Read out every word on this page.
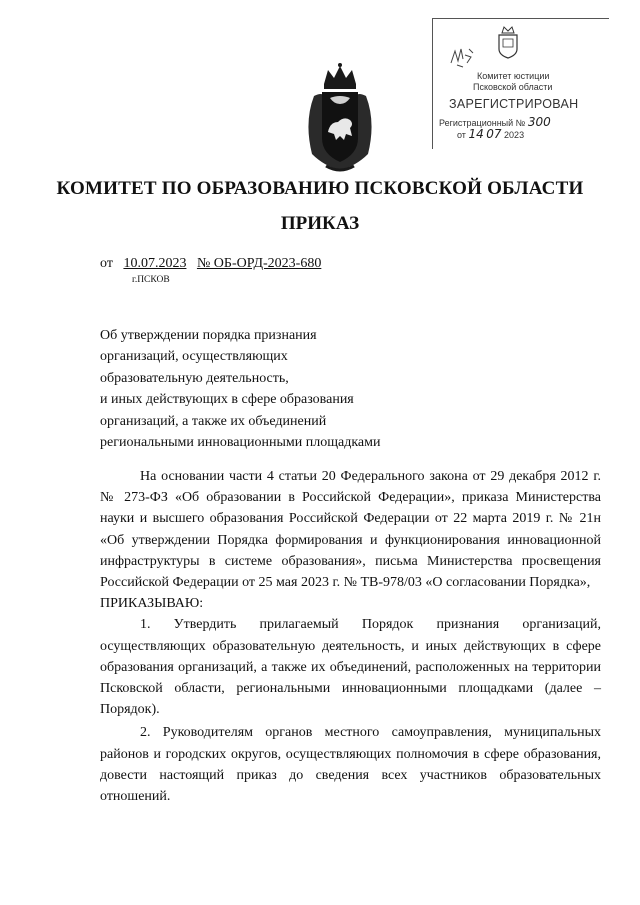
Комитет юстиции
Псковской области
ЗАРЕГИСТРИРОВАН
Регистрационный № 300
от 14 07 2023
КОМИТЕТ ПО ОБРАЗОВАНИЮ ПСКОВСКОЙ ОБЛАСТИ
ПРИКАЗ
от 10.07.2023 № ОБ-ОРД-2023-680
г.ПСКОВ
Об утверждении порядка признания
организаций, осуществляющих
образовательную деятельность,
и иных действующих в сфере образования
организаций, а также их объединений
региональными инновационными площадками

На основании части 4 статьи 20 Федерального закона от 29 декабря 2012 г. № 273-ФЗ «Об образовании в Российской Федерации», приказа Министерства науки и высшего образования Российской Федерации от 22 марта 2019 г. № 21н «Об утверждении Порядка формирования и функционирования инновационной инфраструктуры в системе образования», письма Министерства просвещения Российской Федерации от 25 мая 2023 г. № ТВ-978/03 «О согласовании Порядка»,

ПРИКАЗЫВАЮ:

1. Утвердить прилагаемый Порядок признания организаций, осуществляющих образовательную деятельность, и иных действующих в сфере образования организаций, а также их объединений, расположенных на территории Псковской области, региональными инновационными площадками (далее – Порядок).

2. Руководителям органов местного самоуправления, муниципальных районов и городских округов, осуществляющих полномочия в сфере образования, довести настоящий приказ до сведения всех участников образовательных отношений.
